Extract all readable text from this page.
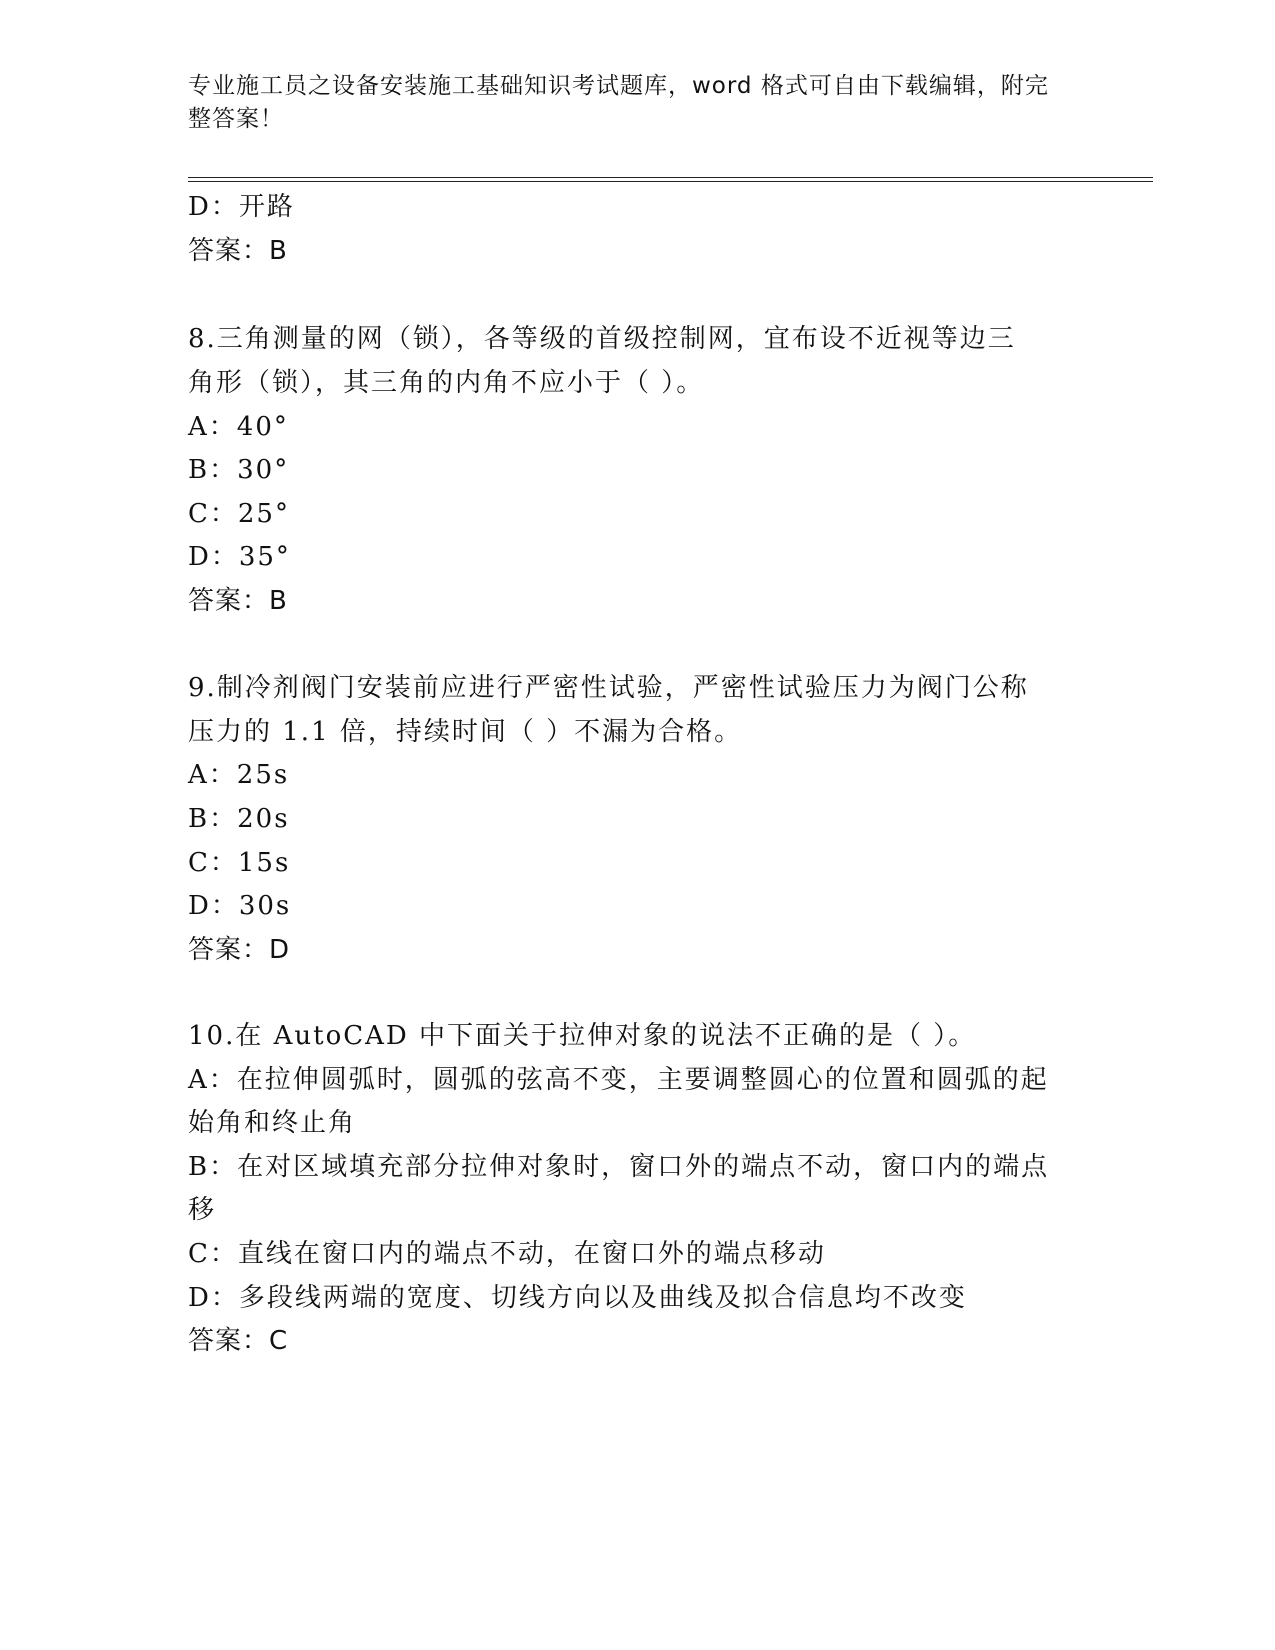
专业施工员之设备安装施工基础知识考试题库，word 格式可自由下载编辑，附完
整答案！
D：开路
答案：B
8.三角测量的网（锁），各等级的首级控制网，宜布设不近视等边三
角形（锁），其三角的内角不应小于（ ）。
A：40°
B：30°
C：25°
D：35°
答案：B
9.制冷剂阀门安装前应进行严密性试验，严密性试验压力为阀门公称
压力的 1.1 倍，持续时间（ ）不漏为合格。
A：25s
B：20s
C：15s
D：30s
答案：D
10.在 AutoCAD 中下面关于拉伸对象的说法不正确的是（ ）。
A：在拉伸圆弧时，圆弧的弦高不变，主要调整圆心的位置和圆弧的起
始角和终止角
B：在对区域填充部分拉伸对象时，窗口外的端点不动，窗口内的端点
移
C：直线在窗口内的端点不动，在窗口外的端点移动
D：多段线两端的宽度、切线方向以及曲线及拟合信息均不改变
答案：C
